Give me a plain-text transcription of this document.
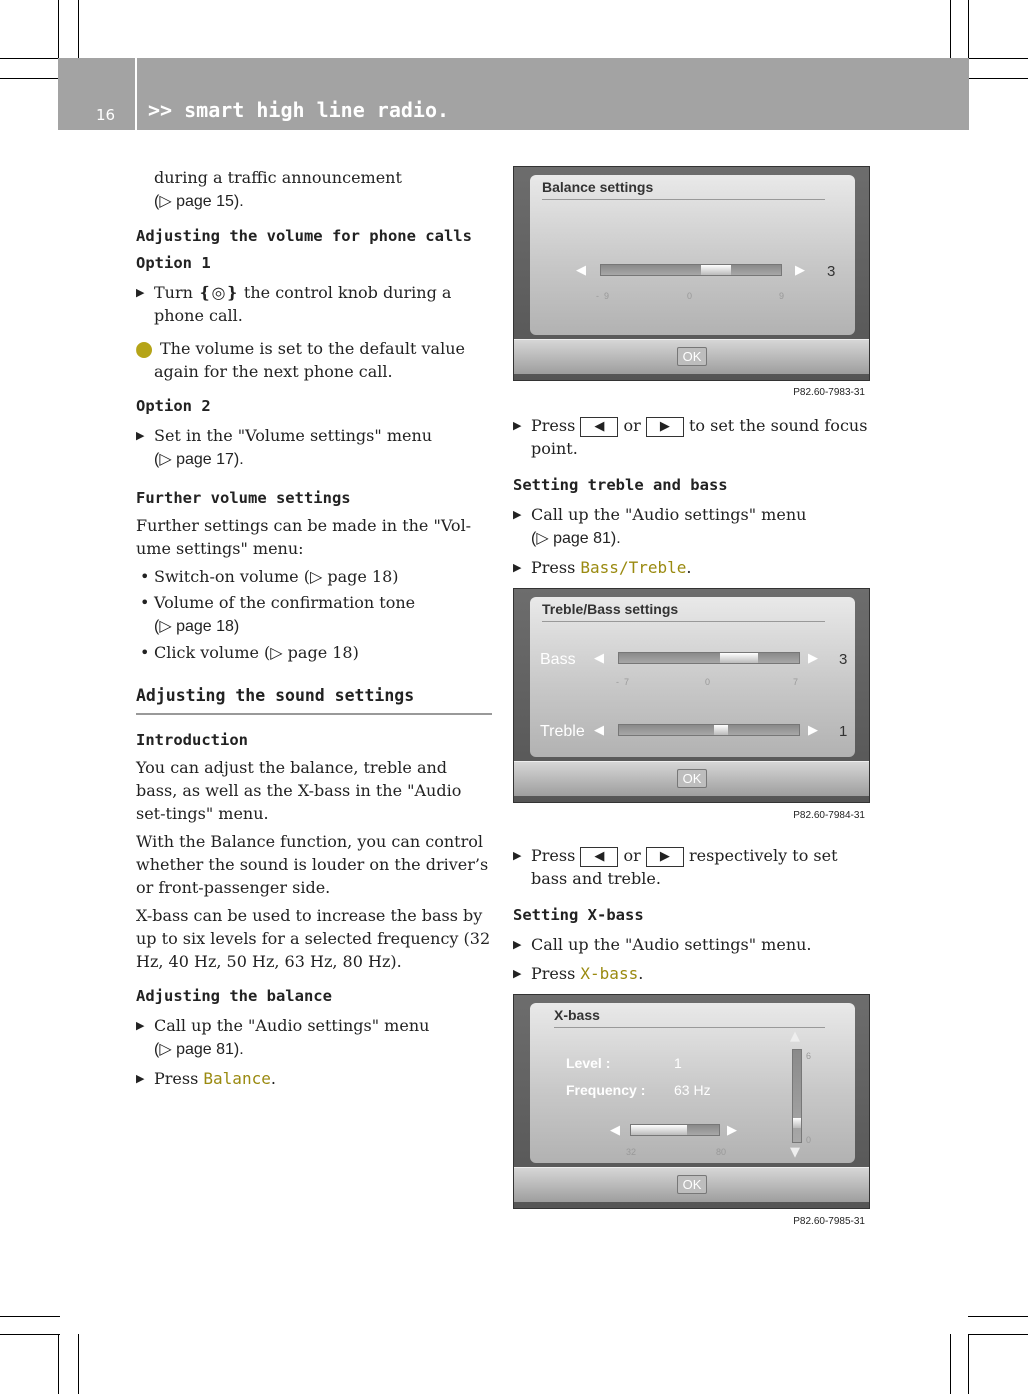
16 >> smart high line radio.
during a traffic announcement
(▷ page 15).
Adjusting the volume for phone calls
Option 1
▶ Turn ❴◎❵ the control knob during a phone call.
i The volume is set to the default value again for the next phone call.
Option 2
▶ Set in the "Volume settings" menu
(▷ page 17).
Further volume settings
Further settings can be made in the "Vol-ume settings" menu:
• Switch-on volume (▷ page 18)
• Volume of the confirmation tone
(▷ page 18)
• Click volume (▷ page 18)
Adjusting the sound settings
Introduction
You can adjust the balance, treble and bass, as well as the X-bass in the "Audio set-tings" menu.
With the Balance function, you can control whether the sound is louder on the driver’s or front-passenger side.
X-bass can be used to increase the bass by up to six levels for a selected frequency (32 Hz, 40 Hz, 50 Hz, 63 Hz, 80 Hz).
Adjusting the balance
▶ Call up the "Audio settings" menu
(▷ page 81).
▶ Press Balance.
Balance settings
◀	▶ 3
-9	0	9
OK
P82.60-7983-31
▶ Press ◀ or ▶ to set the sound focus point.
Setting treble and bass
▶ Call up the "Audio settings" menu
(▷ page 81).
▶ Press Bass/Treble.
Treble/Bass settings
Bass ◀	▶ 3
-7	0	7
Treble ◀	▶ 1
OK
P82.60-7984-31
▶ Press ◀ or ▶ respectively to set bass and treble.
Setting X-bass
▶ Call up the "Audio settings" menu.
▶ Press X-bass.
X-bass
Level :	1
Frequency : 63 Hz
◀	▶
32	80
▲
6
0
▼
OK
P82.60-7985-31
